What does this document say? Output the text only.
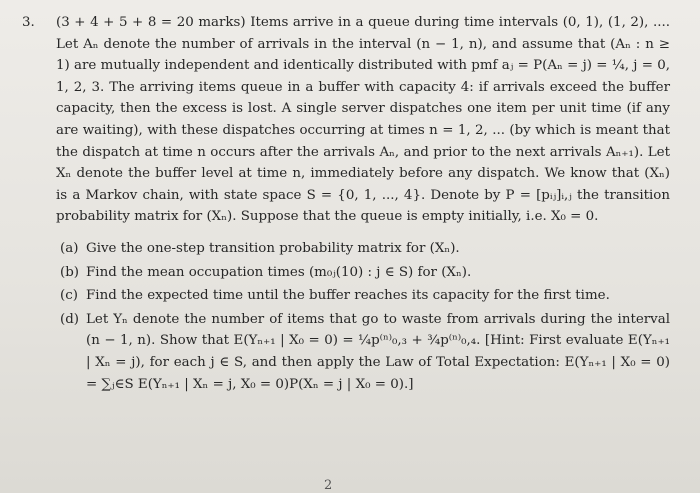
3. (3 + 4 + 5 + 8 = 20 marks) Items arrive in a queue during time intervals (0, 1), (1, 2), .... Let Aₙ denote the number of arrivals in the interval (n − 1, n), and assume that (Aₙ : n ≥ 1) are mutually independent and identically distributed with pmf aⱼ = P(Aₙ = j) = ¼, j = 0, 1, 2, 3. The arriving items queue in a buffer with capacity 4: if arrivals exceed the buffer capacity, then the excess is lost. A single server dispatches one item per unit time (if any are waiting), with these dispatches occurring at times n = 1, 2, ... (by which is meant that the dispatch at time n occurs after the arrivals Aₙ, and prior to the next arrivals Aₙ₊₁). Let Xₙ denote the buffer level at time n, immediately before any dispatch. We know that (Xₙ) is a Markov chain, with state space S = {0, 1, ..., 4}. Denote by P = [pᵢⱼ]ᵢ,ⱼ the transition probability matrix for (Xₙ). Suppose that the queue is empty initially, i.e. X₀ = 0.
(a) Give the one-step transition probability matrix for (Xₙ).
(b) Find the mean occupation times (m₀ⱼ(10) : j ∈ S) for (Xₙ).
(c) Find the expected time until the buffer reaches its capacity for the first time.
(d) Let Yₙ denote the number of items that go to waste from arrivals during the interval (n − 1, n). Show that E(Yₙ₊₁ | X₀ = 0) = ¼p⁽ⁿ⁾₀,₃ + ¾p⁽ⁿ⁾₀,₄. [Hint: First evaluate E(Yₙ₊₁ | Xₙ = j), for each j ∈ S, and then apply the Law of Total Expectation: E(Yₙ₊₁ | X₀ = 0) = ∑ⱼ∈S E(Yₙ₊₁ | Xₙ = j, X₀ = 0)P(Xₙ = j | X₀ = 0).]
2
